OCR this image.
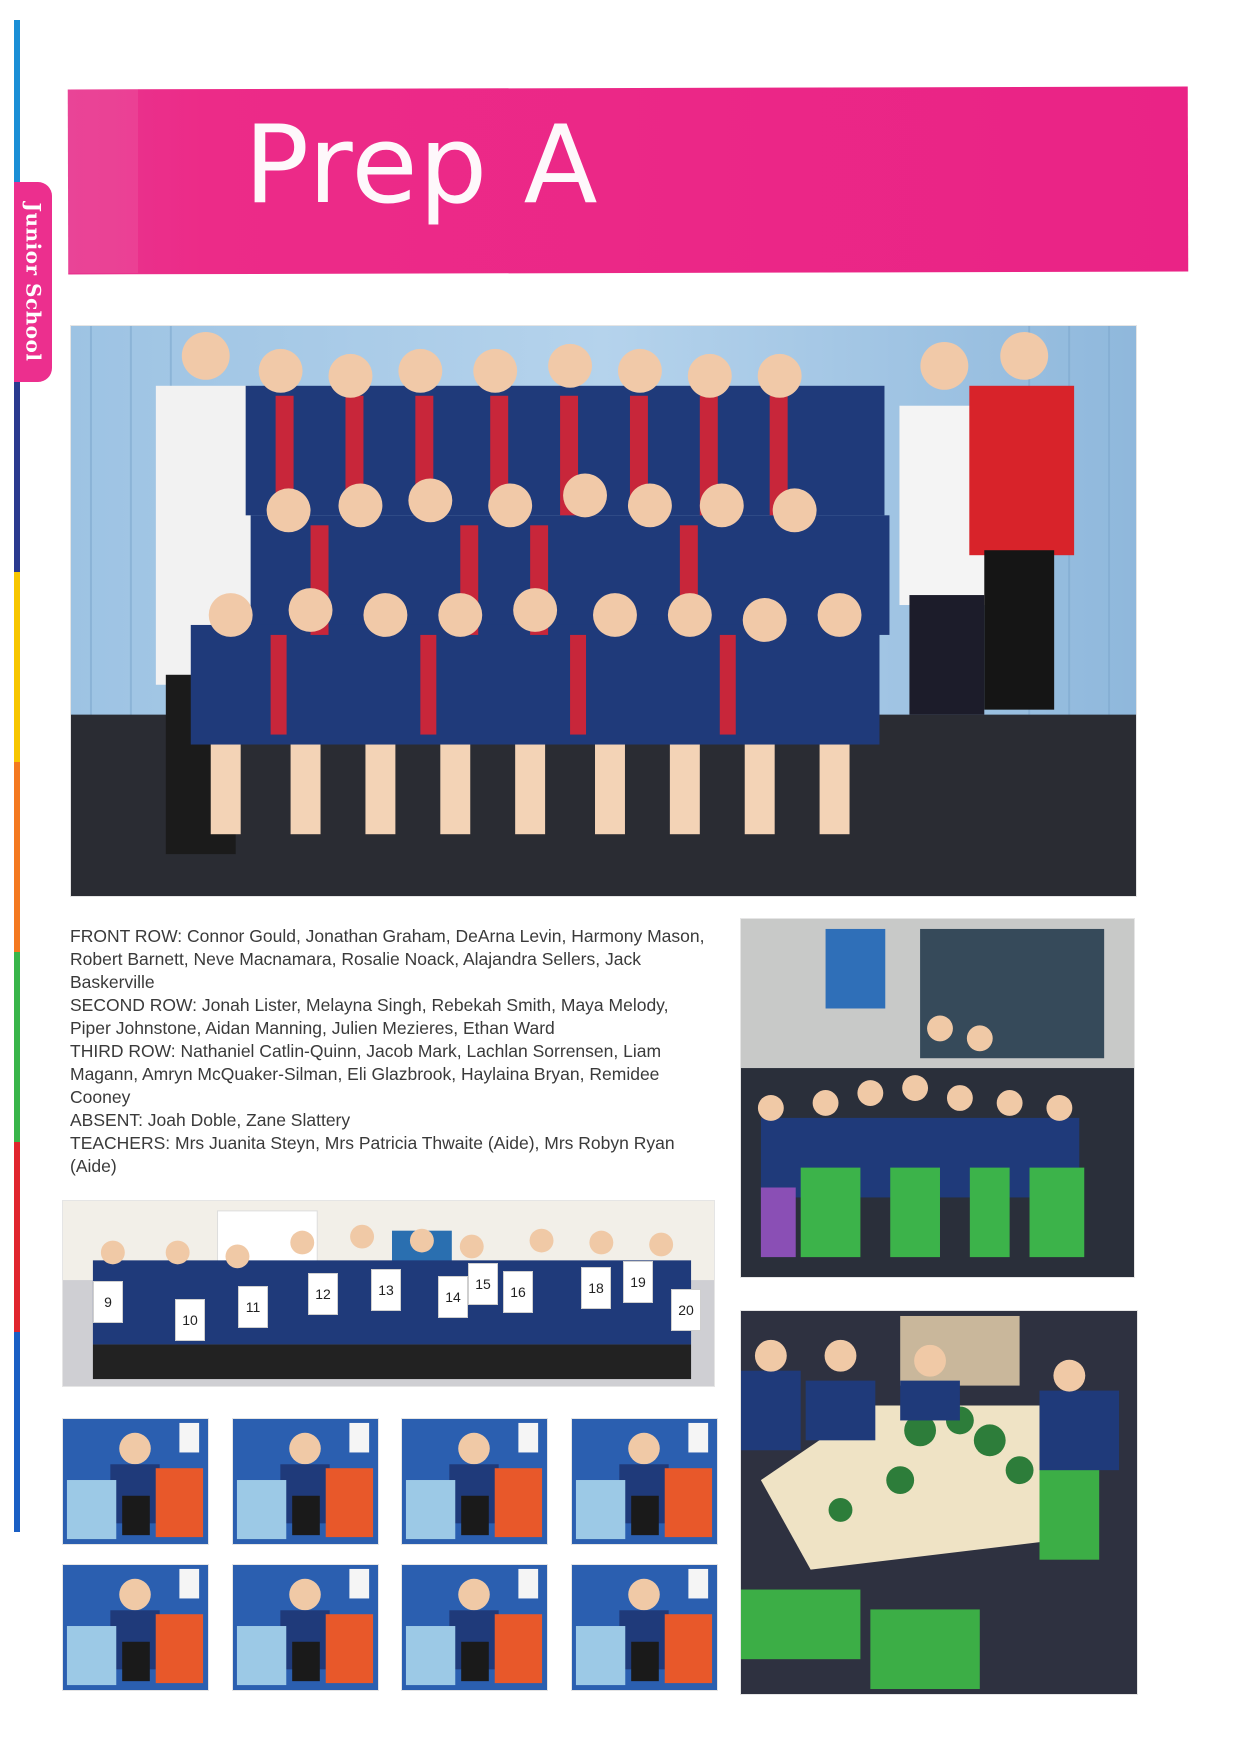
Junior School
Prep A

FRONT ROW: Connor Gould, Jonathan Graham, DeArna Levin, Harmony Mason, Robert Barnett, Neve Macnamara, Rosalie Noack, Alajandra Sellers, Jack Baskerville

SECOND ROW: Jonah Lister, Melayna Singh, Rebekah Smith, Maya Melody, Piper Johnstone, Aidan Manning, Julien Mezieres, Ethan Ward

THIRD ROW: Nathaniel Catlin-Quinn, Jacob Mark, Lachlan Sorrensen, Liam Magann, Amryn McQuaker-Silman, Eli Glazbrook, Haylaina Bryan, Remidee Cooney

ABSENT: Joah Doble, Zane Slattery

TEACHERS: Mrs Juanita Steyn, Mrs Patricia Thwaite (Aide), Mrs Robyn Ryan (Aide)

9
10
11
12	13	14
15	16	18	19
20
